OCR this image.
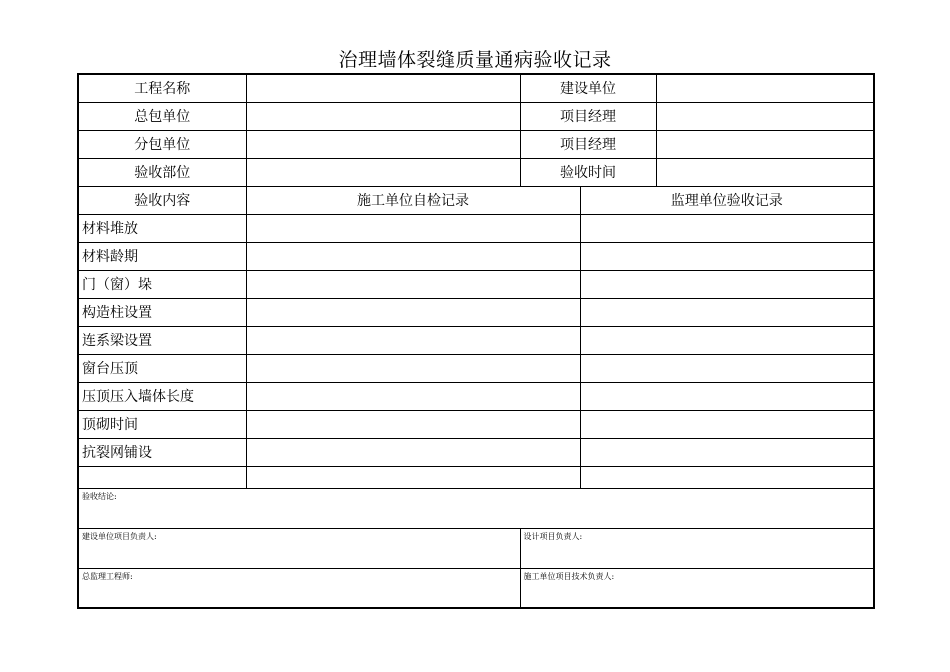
治理墙体裂缝质量通病验收记录
工程名称		建设单位		
总包单位		项目经理		
分包单位		项目经理		
验收部位		验收时间		
验收内容	施工单位自检记录		监理单位验收记录	
材料堆放				
材料龄期				
门（窗）垛				
构造柱设置				
连系梁设置				
窗台压顶				
压顶压入墙体长度				
顶砌时间				
抗裂网铺设				

验收结论:				
建设单位项目负责人:		设计项目负责人:		
总监理工程师:		施工单位项目技术负责人:		
